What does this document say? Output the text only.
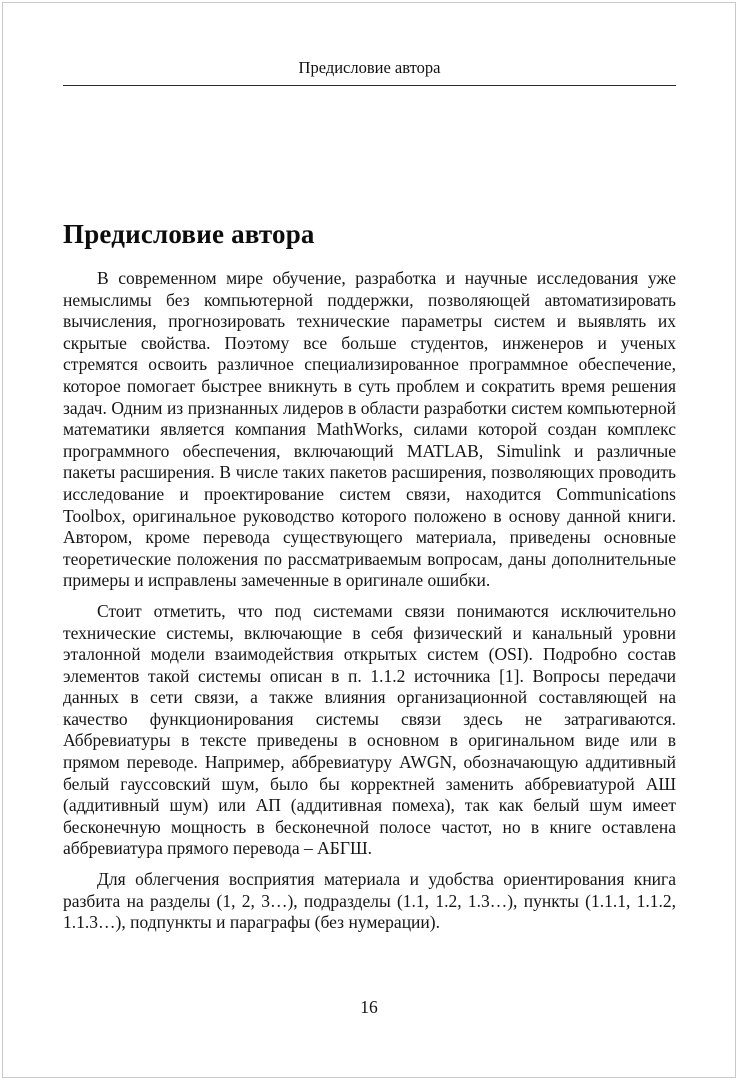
Предисловие автора
Предисловие автора

В современном мире обучение, разработка и научные исследования уже немыслимы без компьютерной поддержки, позволяющей автоматизировать вычисления, прогнозировать технические параметры систем и выявлять их скрытые свойства. Поэтому все больше студентов, инженеров и ученых стремятся освоить различное специализированное программное обеспечение, которое помогает быстрее вникнуть в суть проблем и сократить время решения задач. Одним из признанных лидеров в области разработки систем компьютерной математики является компания MathWorks, силами которой создан комплекс программного обеспечения, включающий MATLAB, Simulink и различные пакеты расширения. В числе таких пакетов расширения, позволяющих проводить исследование и проектирование систем связи, находится Communications Toolbox, оригинальное руководство которого положено в основу данной книги. Автором, кроме перевода существующего материала, приведены основные теоретические положения по рассматриваемым вопросам, даны дополнительные примеры и исправлены замеченные в оригинале ошибки.

Стоит отметить, что под системами связи понимаются исключительно технические системы, включающие в себя физический и канальный уровни эталонной модели взаимодействия открытых систем (OSI). Подробно состав элементов такой системы описан в п. 1.1.2 источника [1]. Вопросы передачи данных в сети связи, а также влияния организационной составляющей на качество функционирования системы связи здесь не затрагиваются. Аббревиатуры в тексте приведены в основном в оригинальном виде или в прямом переводе. Например, аббревиатуру AWGN, обозначающую аддитивный белый гауссовский шум, было бы корректней заменить аббревиатурой АШ (аддитивный шум) или АП (аддитивная помеха), так как белый шум имеет бесконечную мощность в бесконечной полосе частот, но в книге оставлена аббревиатура прямого перевода – АБГШ.

Для облегчения восприятия материала и удобства ориентирования книга разбита на разделы (1, 2, 3…), подразделы (1.1, 1.2, 1.3…), пункты (1.1.1, 1.1.2, 1.1.3…), подпункты и параграфы (без нумерации).

16
